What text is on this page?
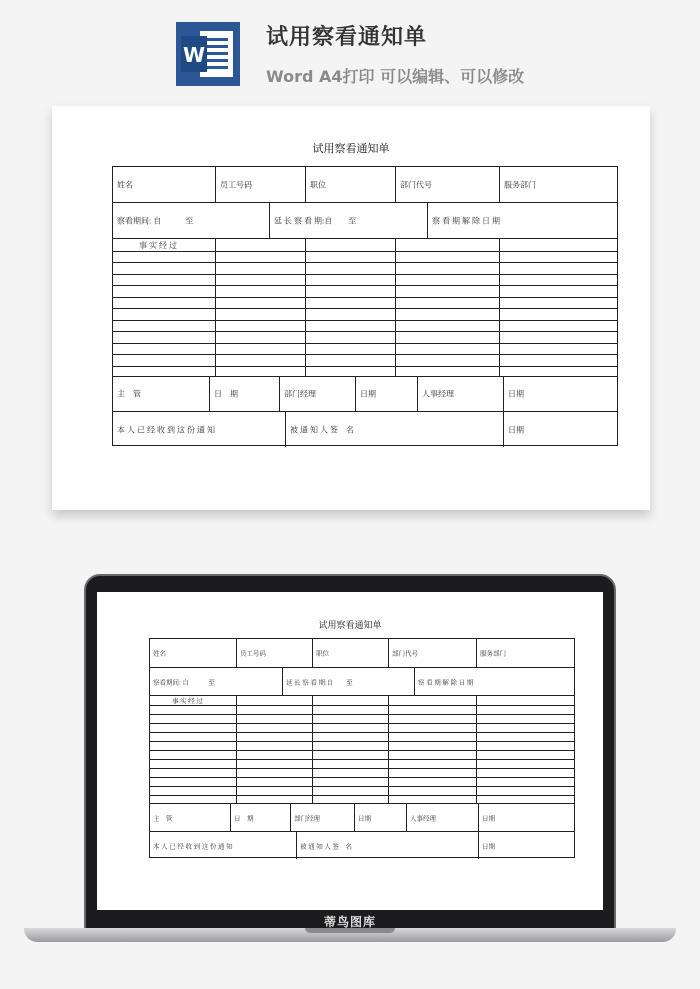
W
试用察看通知单
Word A4打印 可以编辑、可以修改
试用察看通知单
姓名	员工号码	职位	部门代号	服务部门
察看期间: 自　　　至	延 长 察 看 期:自　　至	察 看 期 解 除 日 期
事 实 经 过
主　管	日　期	部门经理	日期	人事经理	日期
本 人 已 经 收 到 这 份 通 知	被 通 知 人 签　名	日期
试用察看通知单
姓名	员工号码	职位	部门代号	服务部门
察看期间: 自　　　至	延 长 察 看 期:自　　至	察 看 期 解 除 日 期
事 实 经 过
主　管	日　期	部门经理	日期	人事经理	日期
本 人 已 经 收 到 这 份 通 知	被 通 知 人 签　名	日期
蒂鸟图库
